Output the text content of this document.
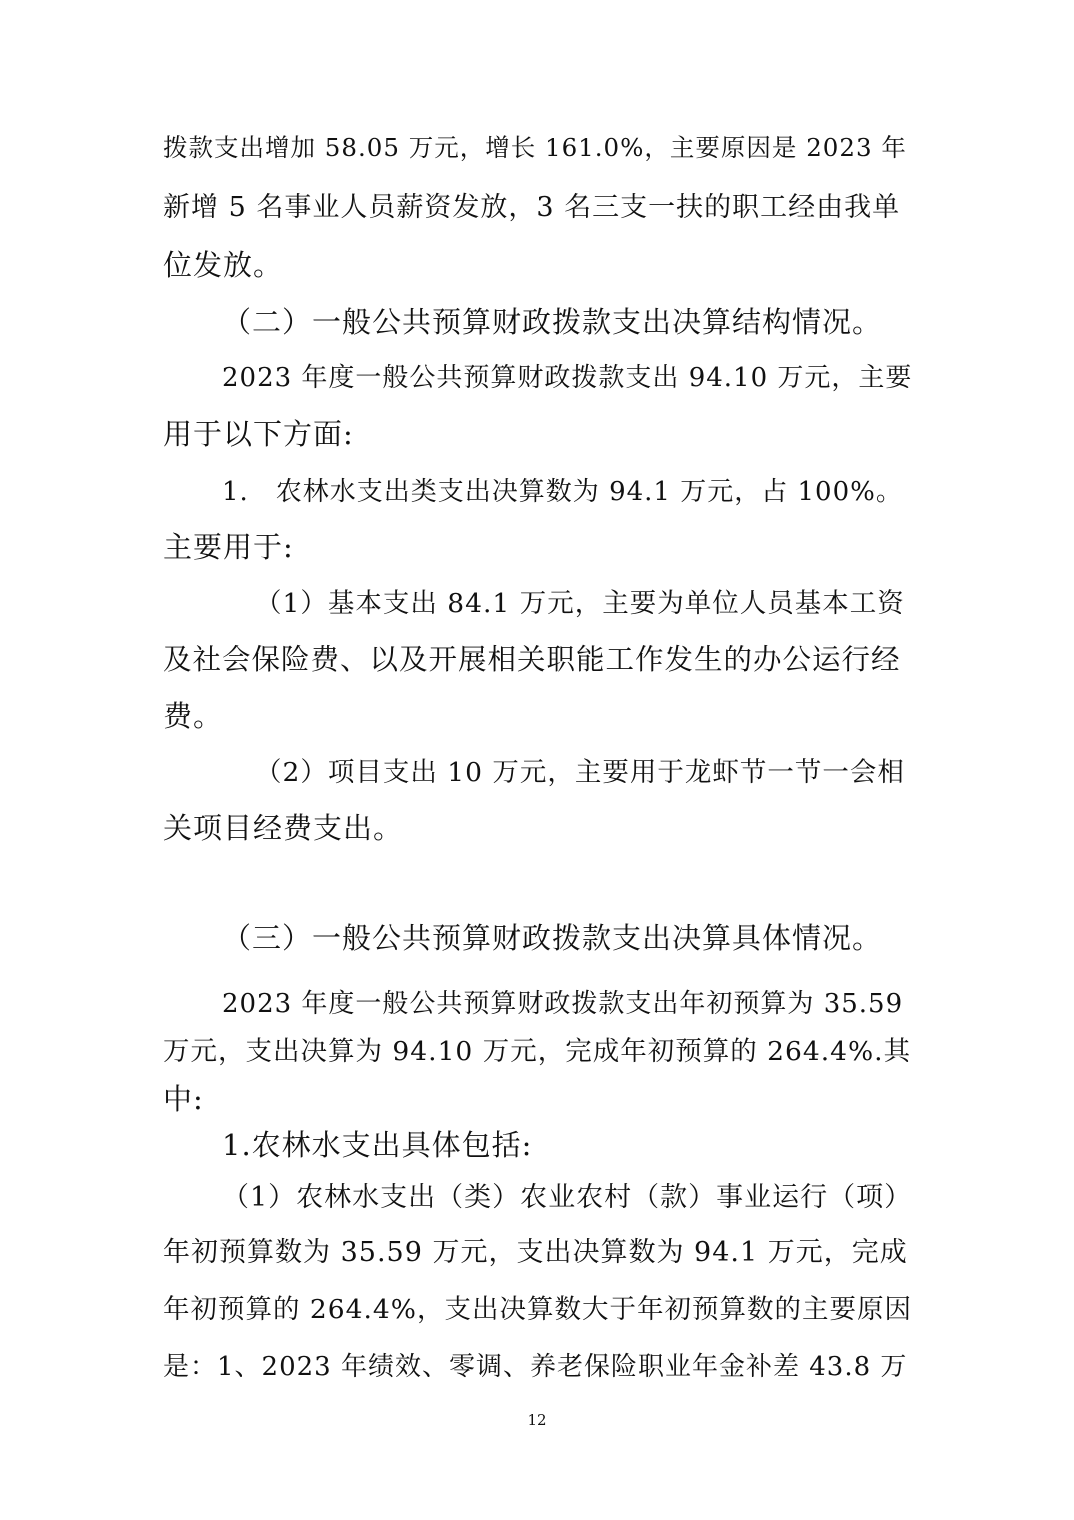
拨款支出增加 58.05 万元，增长 161.0%，主要原因是 2023 年
新增 5 名事业人员薪资发放，3 名三支一扶的职工经由我单
位发放。
（二）一般公共预算财政拨款支出决算结构情况。
2023 年度一般公共预算财政拨款支出 94.10 万元，主要
用于以下方面:
1.　农林水支出类支出决算数为 94.1 万元，占 100%。
主要用于:
（1）基本支出 84.1 万元，主要为单位人员基本工资
及社会保险费、以及开展相关职能工作发生的办公运行经
费。
（2）项目支出 10 万元，主要用于龙虾节一节一会相
关项目经费支出。
（三）一般公共预算财政拨款支出决算具体情况。
2023 年度一般公共预算财政拨款支出年初预算为 35.59
万元，支出决算为 94.10 万元，完成年初预算的 264.4%.其
中:
1.农林水支出具体包括:
（1）农林水支出（类）农业农村（款）事业运行（项）
年初预算数为 35.59 万元，支出决算数为 94.1 万元，完成
年初预算的 264.4%，支出决算数大于年初预算数的主要原因
是：1、2023 年绩效、零调、养老保险职业年金补差 43.8 万
12
